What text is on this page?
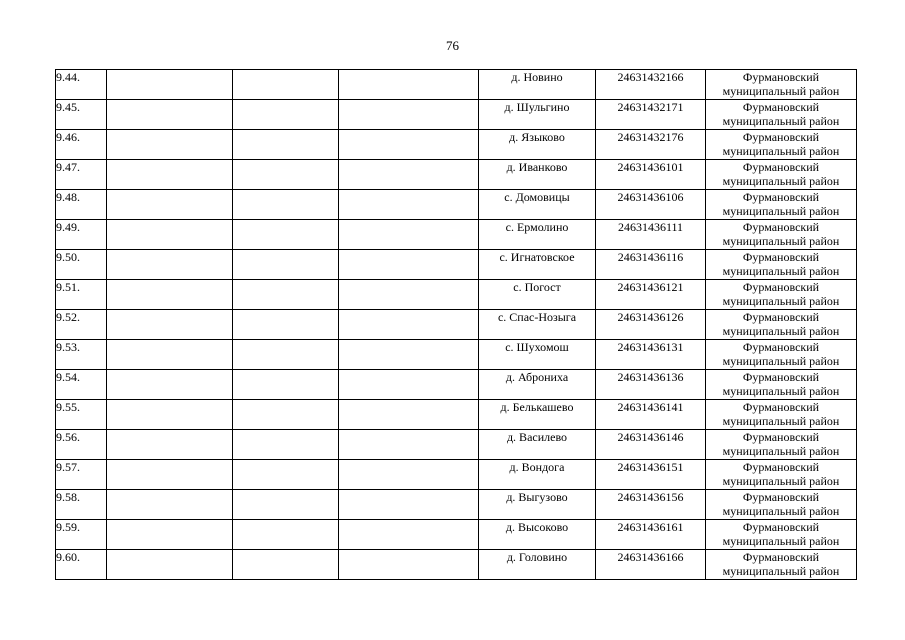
76
9.44.				д. Новино	24631432166	Фурмановский
муниципальный район

9.45.				д. Шульгино	24631432171	Фурмановский
муниципальный район

9.46.				д. Языково	24631432176	Фурмановский
муниципальный район

9.47.				д. Иванково	24631436101	Фурмановский
муниципальный район

9.48.				с. Домовицы	24631436106	Фурмановский
муниципальный район

9.49.				с. Ермолино	24631436111	Фурмановский
муниципальный район

9.50.				с. Игнатовское	24631436116	Фурмановский
муниципальный район

9.51.				с. Погост	24631436121	Фурмановский
муниципальный район

9.52.				с. Спас-Нозыга	24631436126	Фурмановский
муниципальный район

9.53.				с. Шухомош	24631436131	Фурмановский
муниципальный район

9.54.				д. Аброниха	24631436136	Фурмановский
муниципальный район

9.55.				д. Белькашево	24631436141	Фурмановский
муниципальный район

9.56.				д. Василево	24631436146	Фурмановский
муниципальный район

9.57.				д. Вондога	24631436151	Фурмановский
муниципальный район

9.58.				д. Выгузово	24631436156	Фурмановский
муниципальный район

9.59.				д. Высоково	24631436161	Фурмановский
муниципальный район

9.60.				д. Головино	24631436166	Фурмановский
муниципальный район
